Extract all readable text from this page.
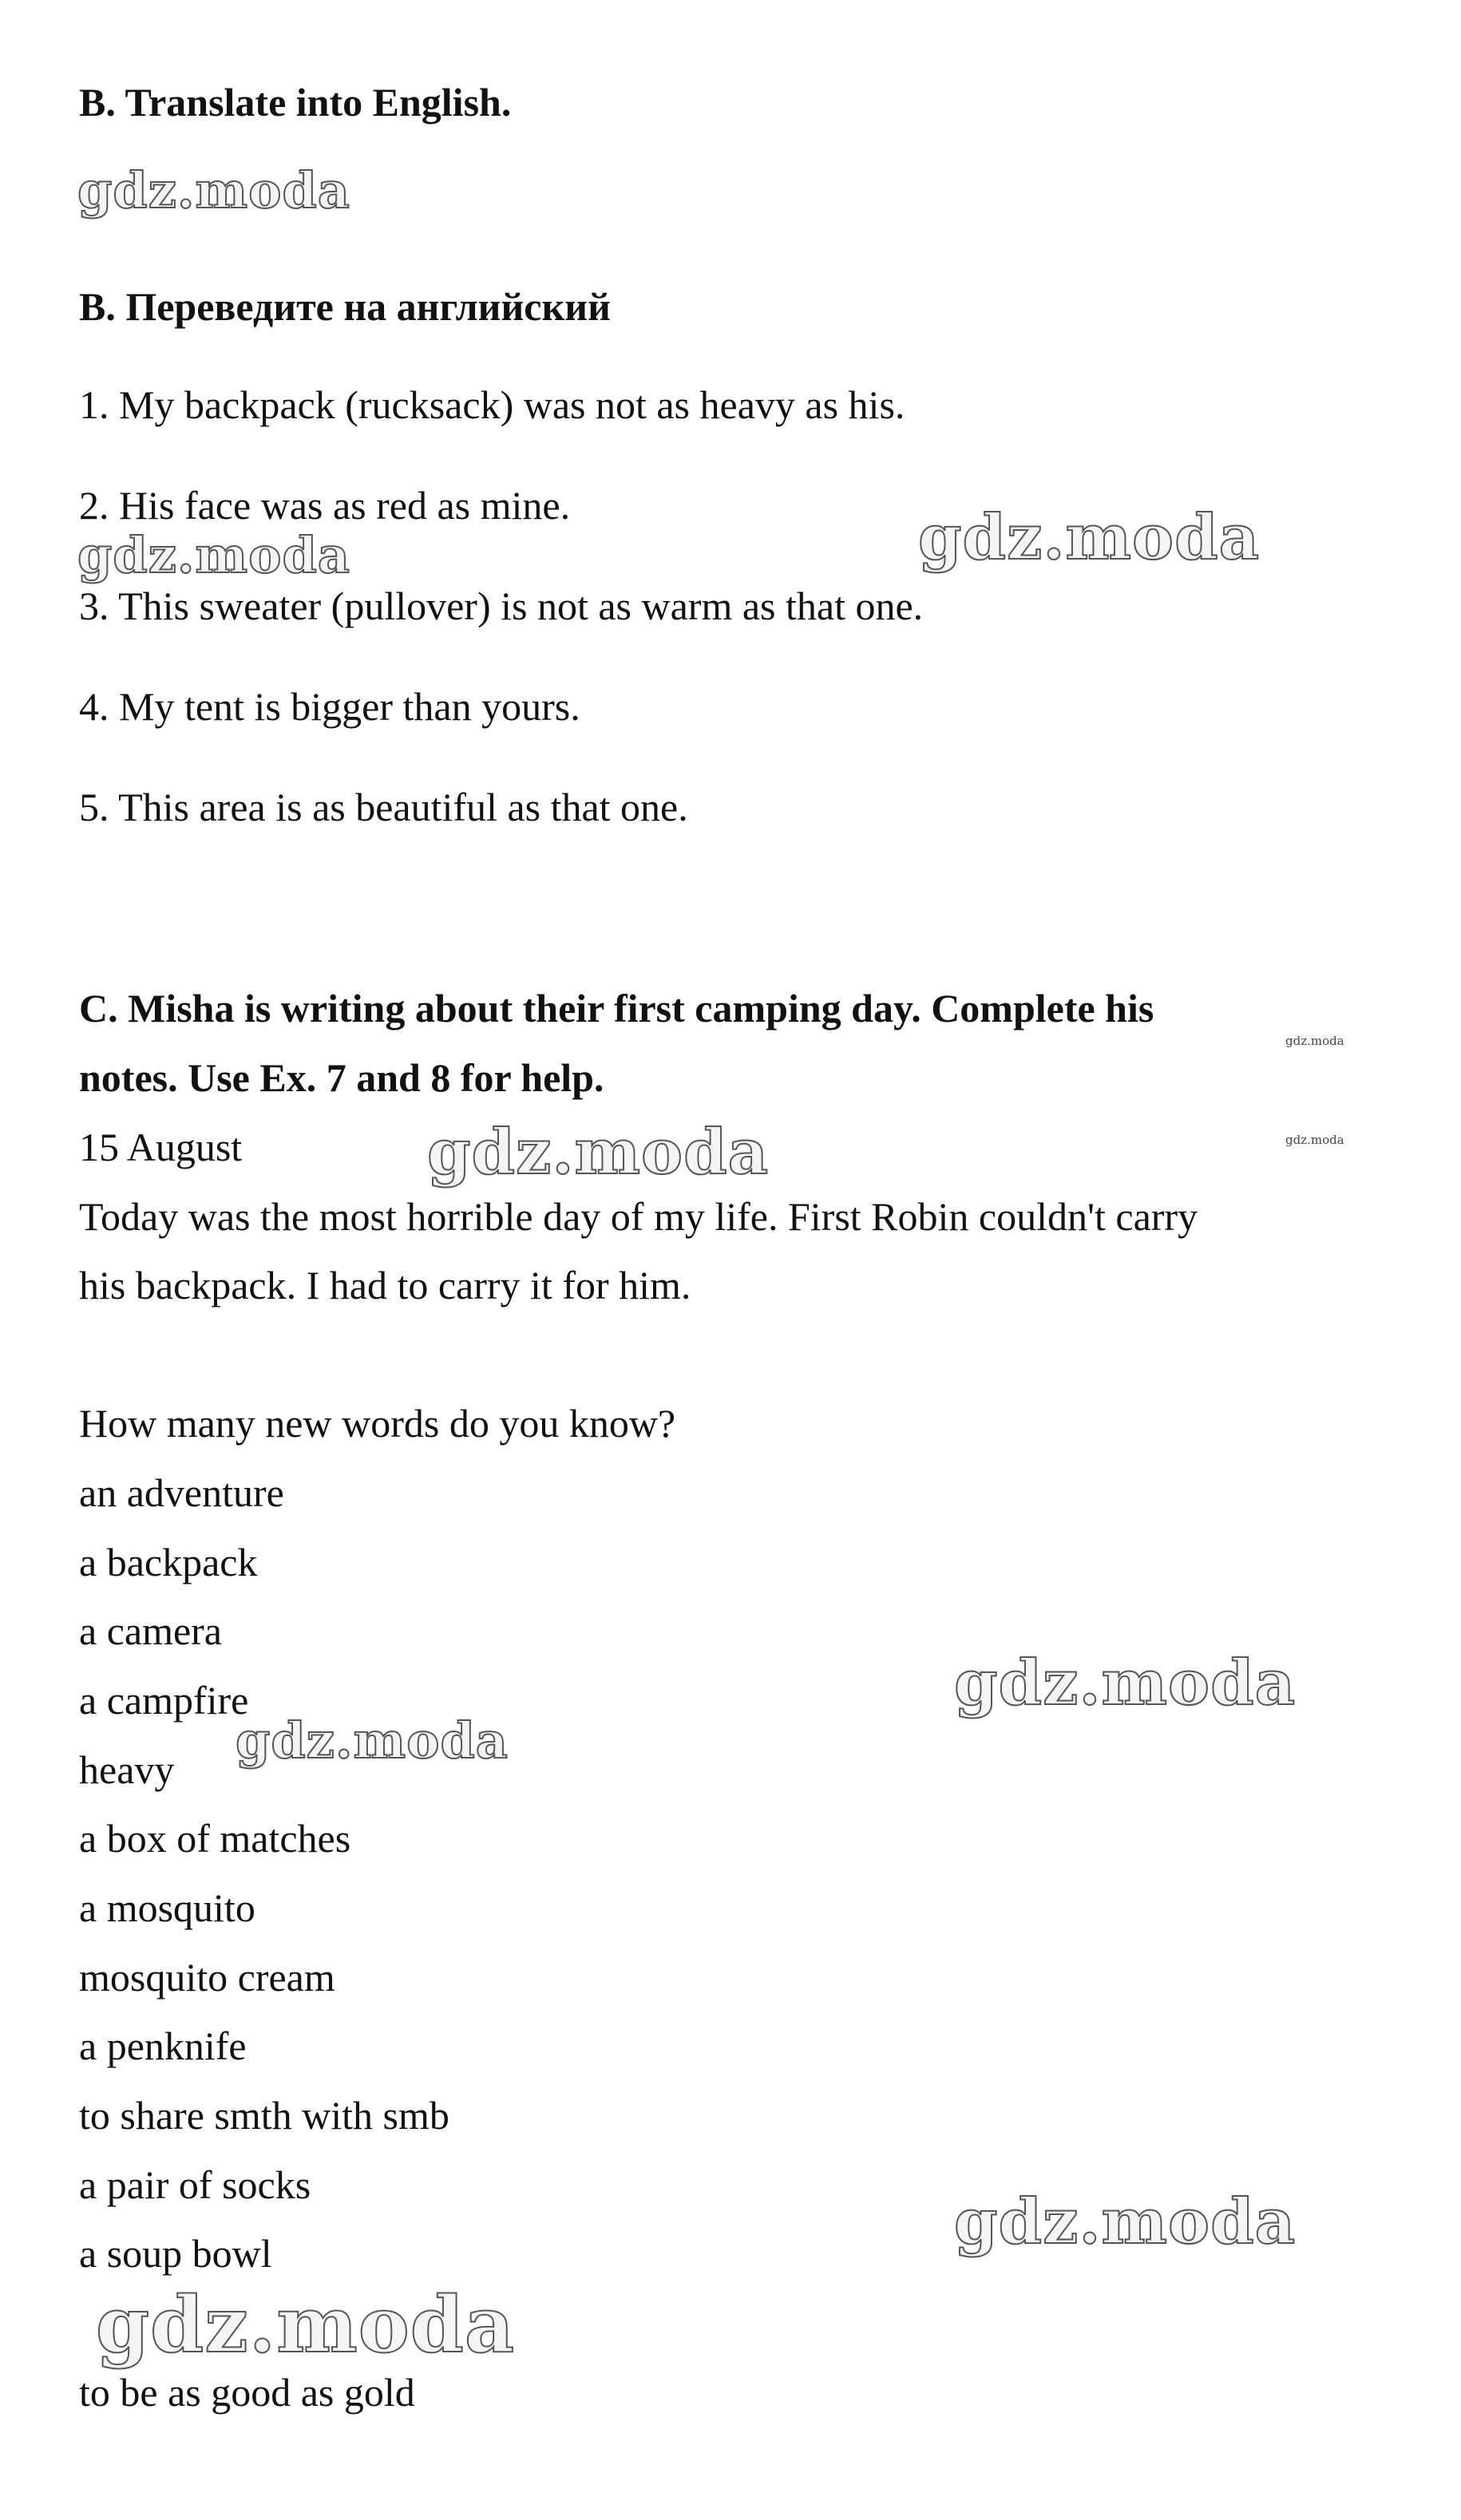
B. Translate into English.
B. Переведите на английский
1. My backpack (rucksack) was not as heavy as his.
2. His face was as red as mine.
3. This sweater (pullover) is not as warm as that one.
4. My tent is bigger than yours.
5. This area is as beautiful as that one.
C. Misha is writing about their first camping day. Complete his
notes. Use Ex. 7 and 8 for help.
15 August
Today was the most horrible day of my life. First Robin couldn't carry
his backpack. I had to carry it for him.
How many new words do you know?
an adventure
a backpack
a camera
a campfire
heavy
a box of matches
a mosquito
mosquito cream
a penknife
to share smth with smb
a pair of socks
a soup bowl
to be as good as gold
gdz.moda
gdz.moda	gdz.moda
gdz.moda
gdz.moda	gdz.moda
gdz.moda
gdz.moda
gdz.moda
gdz.moda
